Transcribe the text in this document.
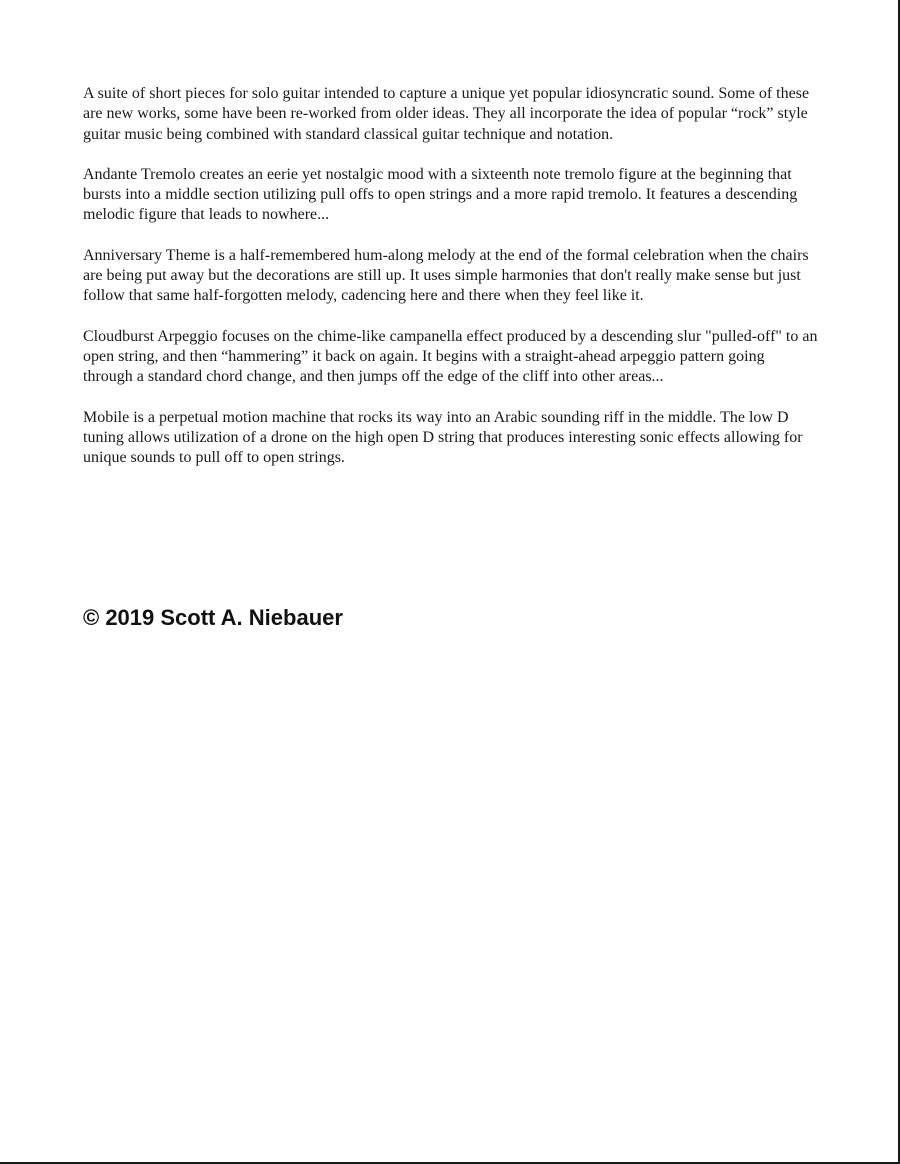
A suite of short pieces for solo guitar intended to capture a unique yet popular idiosyncratic sound. Some of these are new works, some have been re-worked from older ideas. They all incorporate the idea of popular “rock” style guitar music being combined with standard classical guitar technique and notation.

Andante Tremolo creates an eerie yet nostalgic mood with a sixteenth note tremolo figure at the beginning that bursts into a middle section utilizing pull offs to open strings and a more rapid tremolo. It features a descending melodic figure that leads to nowhere...

Anniversary Theme is a half-remembered hum-along melody at the end of the formal celebration when the chairs are being put away but the decorations are still up. It uses simple harmonies that don't really make sense but just follow that same half-forgotten melody, cadencing here and there when they feel like it.

Cloudburst Arpeggio focuses on the chime-like campanella effect produced by a descending slur "pulled-off" to an open string, and then “hammering” it back on again. It begins with a straight-ahead arpeggio pattern going through a standard chord change, and then jumps off the edge of the cliff into other areas...

Mobile is a perpetual motion machine that rocks its way into an Arabic sounding riff in the middle. The low D tuning allows utilization of a drone on the high open D string that produces interesting sonic effects allowing for unique sounds to pull off to open strings.

© 2019 Scott A. Niebauer
